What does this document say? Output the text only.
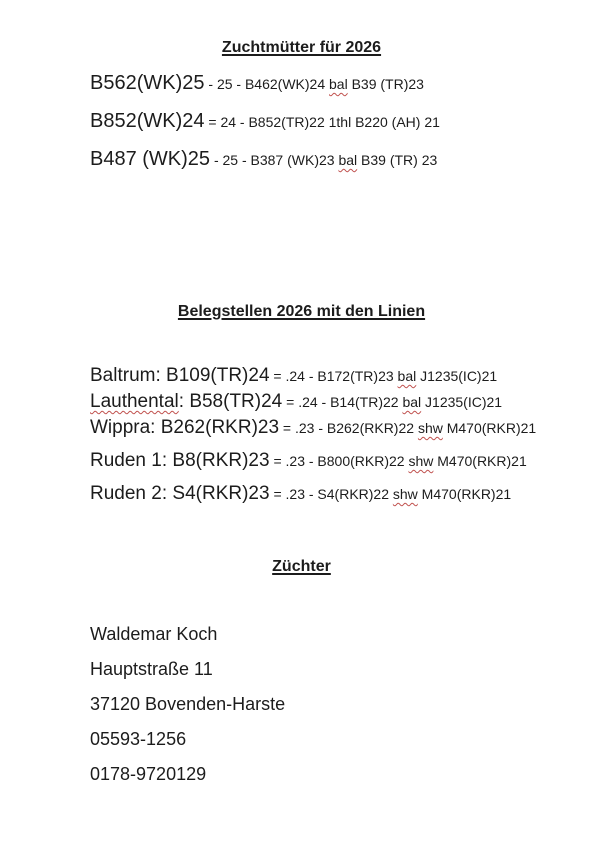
Zuchtmütter für 2026
B562(WK)25 - 25 - B462(WK)24 bal B39 (TR)23
B852(WK)24 = 24 - B852(TR)22 1thl B220 (AH) 21
B487 (WK)25 - 25 - B387 (WK)23 bal B39 (TR) 23
Belegstellen 2026 mit den Linien
Baltrum: B109(TR)24 = .24 - B172(TR)23 bal J1235(IC)21
Lauthental: B58(TR)24 = .24 - B14(TR)22 bal J1235(IC)21
Wippra: B262(RKR)23 = .23 - B262(RKR)22 shw M470(RKR)21
Ruden 1: B8(RKR)23 = .23 - B800(RKR)22 shw M470(RKR)21
Ruden 2: S4(RKR)23 = .23 - S4(RKR)22 shw M470(RKR)21
Züchter
Waldemar Koch
Hauptstraße 11
37120 Bovenden-Harste
05593-1256
0178-9720129
